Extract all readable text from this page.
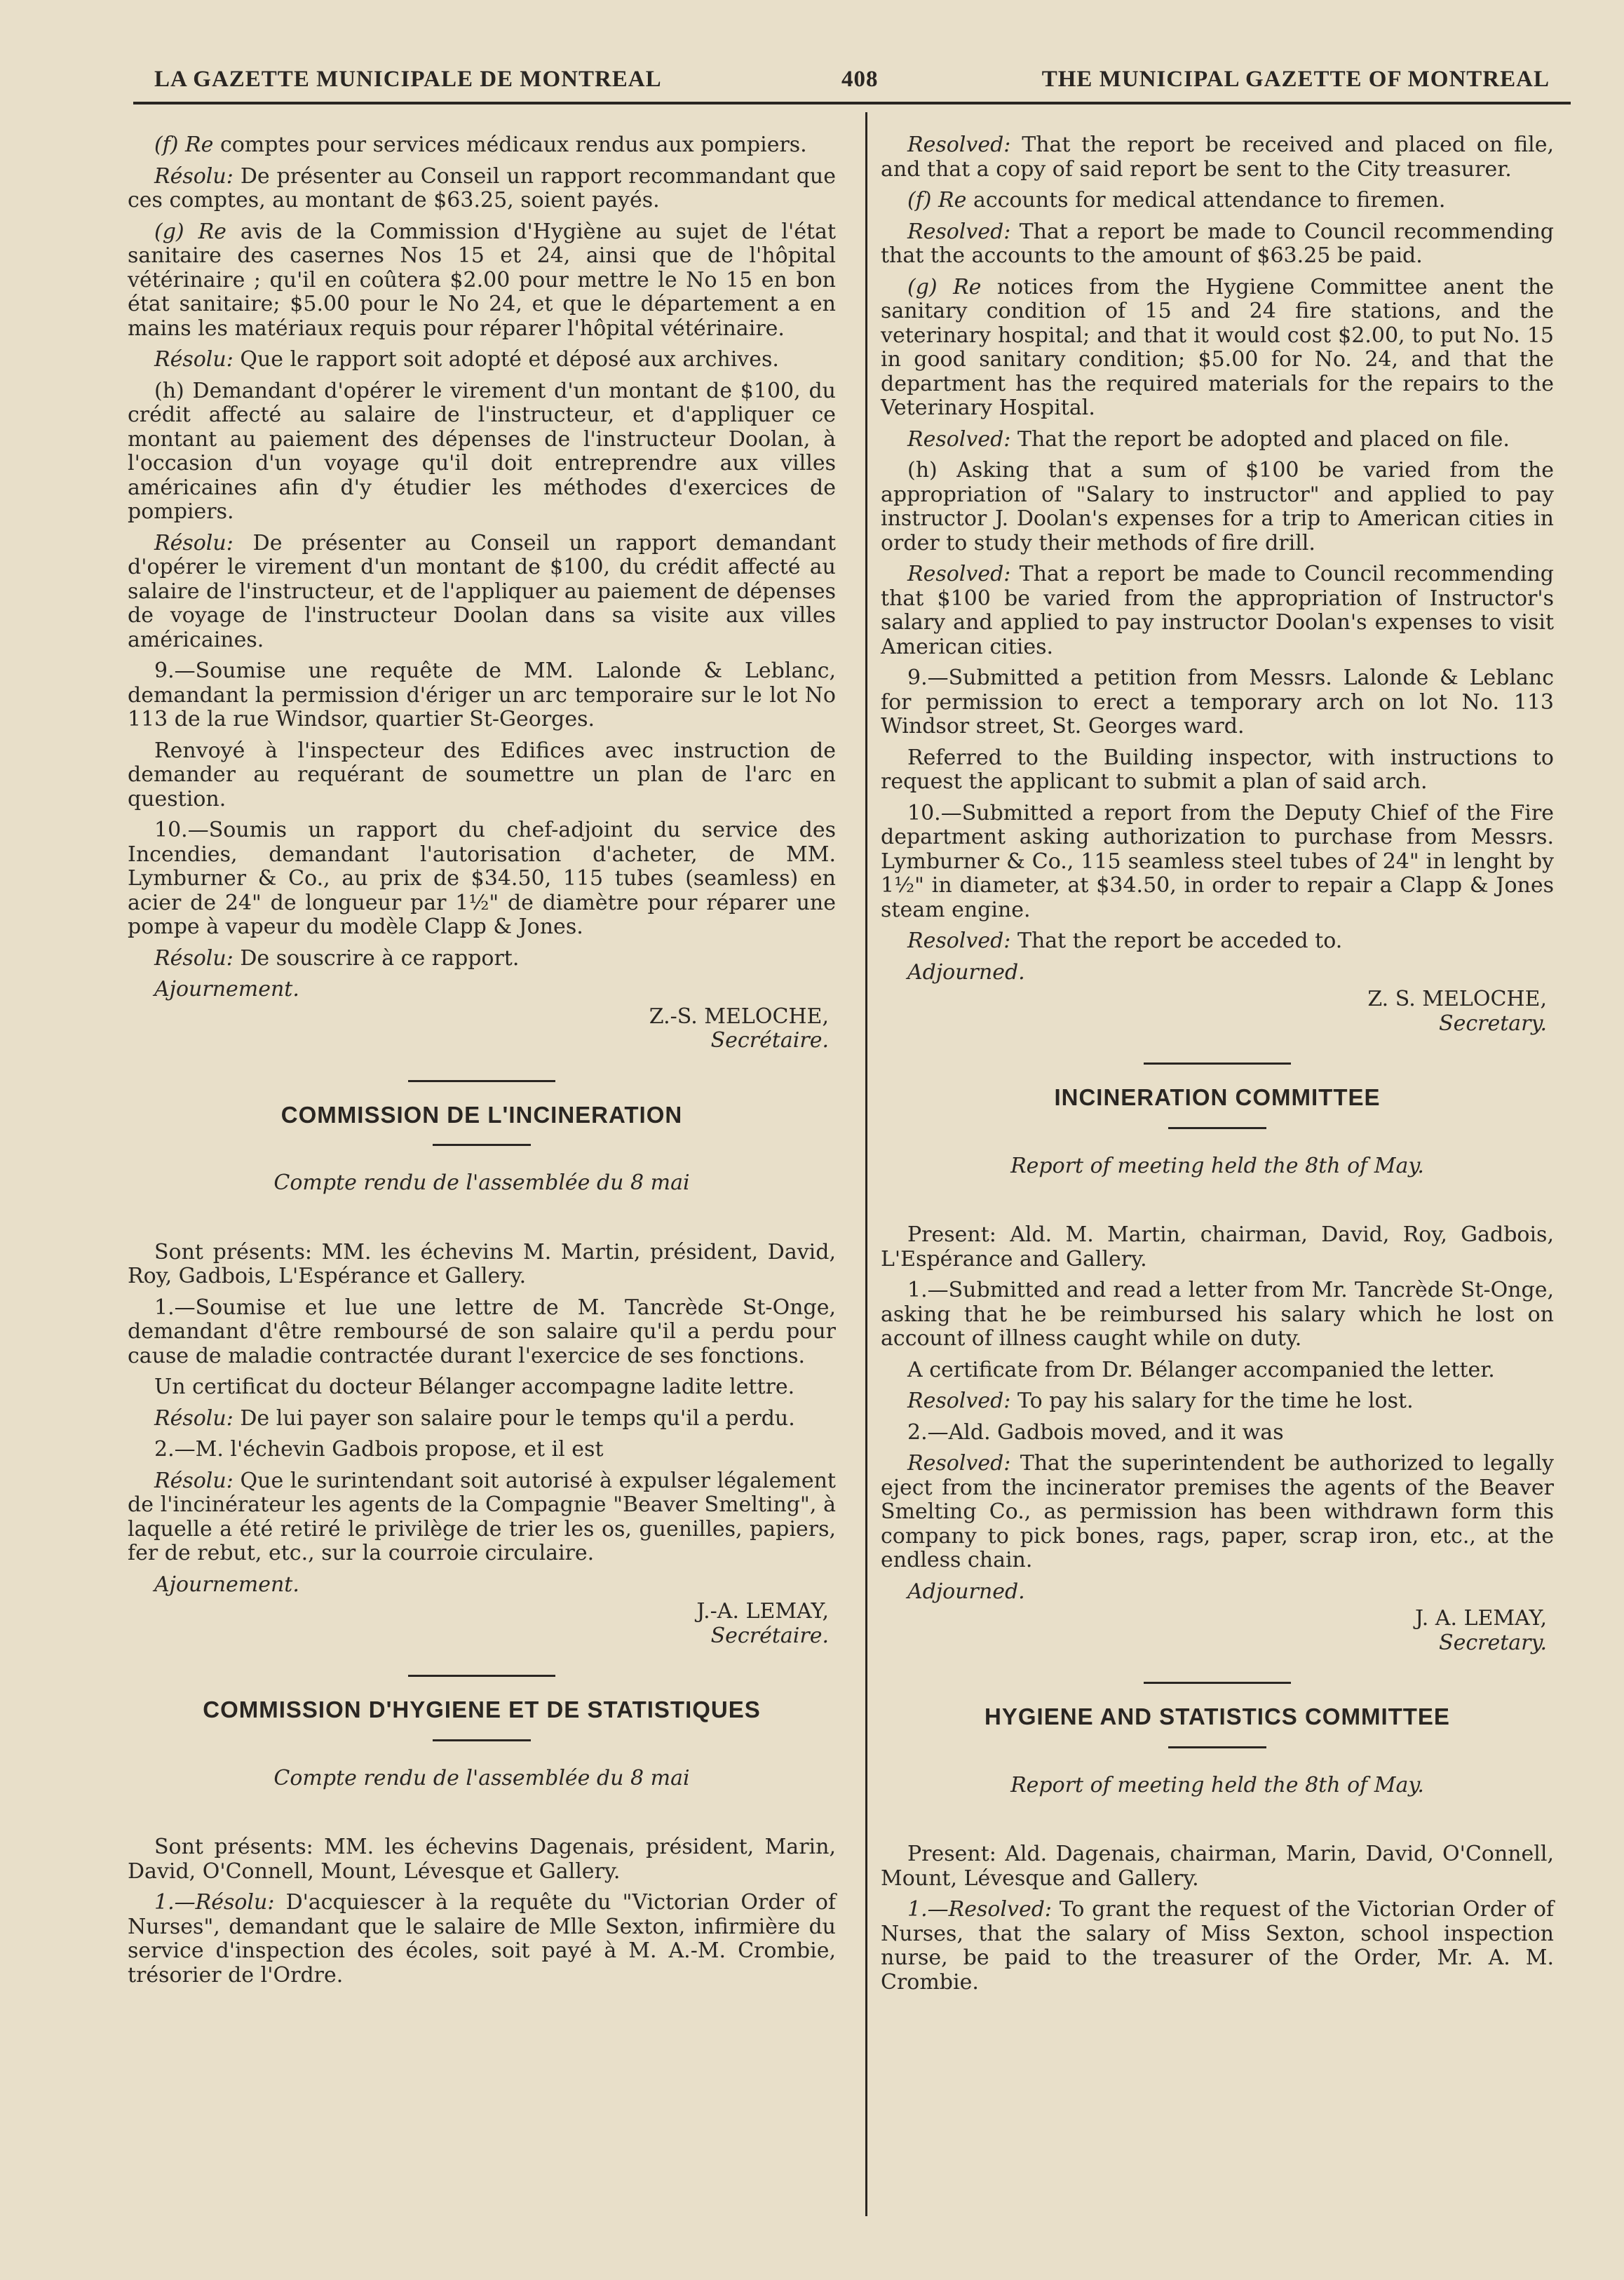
LA GAZETTE MUNICIPALE DE MONTREAL	408	THE MUNICIPAL GAZETTE OF MONTREAL

(f) Re comptes pour services médicaux rendus aux pompiers.

Résolu: De présenter au Conseil un rapport recommandant que ces comptes, au montant de $63.25, soient payés.

(g) Re avis de la Commission d'Hygiène au sujet de l'état sanitaire des casernes Nos 15 et 24, ainsi que de l'hôpital vétérinaire ; qu'il en coûtera $2.00 pour mettre le No 15 en bon état sanitaire; $5.00 pour le No 24, et que le département a en mains les matériaux requis pour réparer l'hôpital vétérinaire.

Résolu: Que le rapport soit adopté et déposé aux archives.

(h) Demandant d'opérer le virement d'un montant de $100, du crédit affecté au salaire de l'instructeur, et d'appliquer ce montant au paiement des dépenses de l'instructeur Doolan, à l'occasion d'un voyage qu'il doit entreprendre aux villes américaines afin d'y étudier les méthodes d'exercices de pompiers.

Résolu: De présenter au Conseil un rapport demandant d'opérer le virement d'un montant de $100, du crédit affecté au salaire de l'instructeur, et de l'appliquer au paiement de dépenses de voyage de l'instructeur Doolan dans sa visite aux villes américaines.

9.—Soumise une requête de MM. Lalonde & Leblanc, demandant la permission d'ériger un arc temporaire sur le lot No 113 de la rue Windsor, quartier St-Georges.

Renvoyé à l'inspecteur des Edifices avec instruction de demander au requérant de soumettre un plan de l'arc en question.

10.—Soumis un rapport du chef-adjoint du service des Incendies, demandant l'autorisation d'acheter, de MM. Lymburner & Co., au prix de $34.50, 115 tubes (seamless) en acier de 24" de longueur par 1½" de diamètre pour réparer une pompe à vapeur du modèle Clapp & Jones.

Résolu: De souscrire à ce rapport.

Ajournement.

Z.-S. MELOCHE,
Secrétaire.

COMMISSION DE L'INCINERATION

Compte rendu de l'assemblée du 8 mai

Sont présents: MM. les échevins M. Martin, président, David, Roy, Gadbois, L'Espérance et Gallery.

1.—Soumise et lue une lettre de M. Tancrède St-Onge, demandant d'être remboursé de son salaire qu'il a perdu pour cause de maladie contractée durant l'exercice de ses fonctions.

Un certificat du docteur Bélanger accompagne ladite lettre.

Résolu: De lui payer son salaire pour le temps qu'il a perdu.

2.—M. l'échevin Gadbois propose, et il est

Résolu: Que le surintendant soit autorisé à expulser légalement de l'incinérateur les agents de la Compagnie "Beaver Smelting", à laquelle a été retiré le privilège de trier les os, guenilles, papiers, fer de rebut, etc., sur la courroie circulaire.

Ajournement.

J.-A. LEMAY,
Secrétaire.

COMMISSION D'HYGIENE ET DE STATISTIQUES

Compte rendu de l'assemblée du 8 mai

Sont présents: MM. les échevins Dagenais, président, Marin, David, O'Connell, Mount, Lévesque et Gallery.

1.—Résolu: D'acquiescer à la requête du "Victorian Order of Nurses", demandant que le salaire de Mlle Sexton, infirmière du service d'inspection des écoles, soit payé à M. A.-M. Crombie, trésorier de l'Ordre.

Resolved: That the report be received and placed on file, and that a copy of said report be sent to the City treasurer.

(f) Re accounts for medical attendance to firemen.

Resolved: That a report be made to Council recommending that the accounts to the amount of $63.25 be paid.

(g) Re notices from the Hygiene Committee anent the sanitary condition of 15 and 24 fire stations, and the veterinary hospital; and that it would cost $2.00, to put No. 15 in good sanitary condition; $5.00 for No. 24, and that the department has the required materials for the repairs to the Veterinary Hospital.

Resolved: That the report be adopted and placed on file.

(h) Asking that a sum of $100 be varied from the appropriation of "Salary to instructor" and applied to pay instructor J. Doolan's expenses for a trip to American cities in order to study their methods of fire drill.

Resolved: That a report be made to Council recommending that $100 be varied from the appropriation of Instructor's salary and applied to pay instructor Doolan's expenses to visit American cities.

9.—Submitted a petition from Messrs. Lalonde & Leblanc for permission to erect a temporary arch on lot No. 113 Windsor street, St. Georges ward.

Referred to the Building inspector, with instructions to request the applicant to submit a plan of said arch.

10.—Submitted a report from the Deputy Chief of the Fire department asking authorization to purchase from Messrs. Lymburner & Co., 115 seamless steel tubes of 24" in lenght by 1½" in diameter, at $34.50, in order to repair a Clapp & Jones steam engine.

Resolved: That the report be acceded to.

Adjourned.

Z. S. MELOCHE,
Secretary.

INCINERATION COMMITTEE

Report of meeting held the 8th of May.

Present: Ald. M. Martin, chairman, David, Roy, Gadbois, L'Espérance and Gallery.

1.—Submitted and read a letter from Mr. Tancrède St-Onge, asking that he be reimbursed his salary which he lost on account of illness caught while on duty.

A certificate from Dr. Bélanger accompanied the letter.

Resolved: To pay his salary for the time he lost.

2.—Ald. Gadbois moved, and it was

Resolved: That the superintendent be authorized to legally eject from the incinerator premises the agents of the Beaver Smelting Co., as permission has been withdrawn form this company to pick bones, rags, paper, scrap iron, etc., at the endless chain.

Adjourned.

J. A. LEMAY,
Secretary.

HYGIENE AND STATISTICS COMMITTEE

Report of meeting held the 8th of May.

Present: Ald. Dagenais, chairman, Marin, David, O'Connell, Mount, Lévesque and Gallery.

1.—Resolved: To grant the request of the Victorian Order of Nurses, that the salary of Miss Sexton, school inspection nurse, be paid to the treasurer of the Order, Mr. A. M. Crombie.
